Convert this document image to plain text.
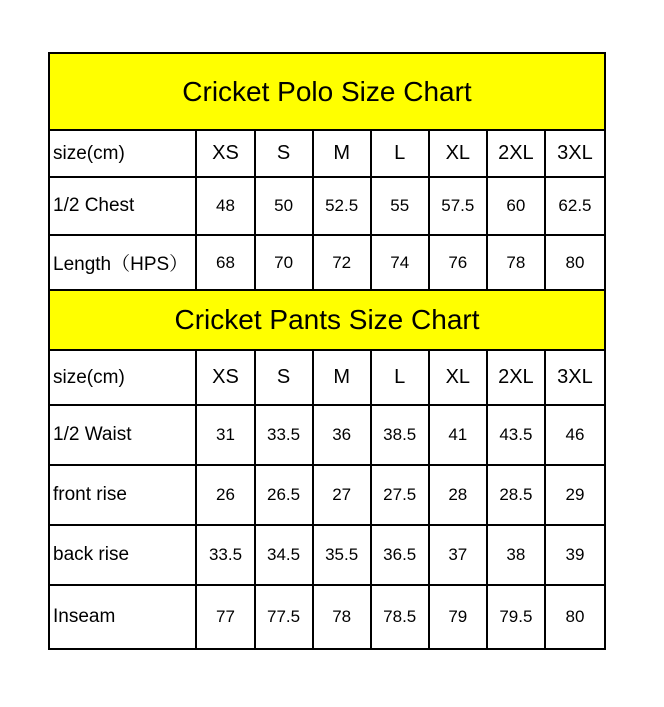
Cricket Polo Size Chart
size(cm)	XS	S	M	L	XL	2XL	3XL
1/2 Chest	48	50	52.5	55	57.5	60	62.5
Length（HPS）	68	70	72	74	76	78	80
Cricket Pants Size Chart
size(cm)	XS	S	M	L	XL	2XL	3XL
1/2 Waist	31	33.5	36	38.5	41	43.5	46
front rise	26	26.5	27	27.5	28	28.5	29
back rise	33.5	34.5	35.5	36.5	37	38	39
Inseam	77	77.5	78	78.5	79	79.5	80
